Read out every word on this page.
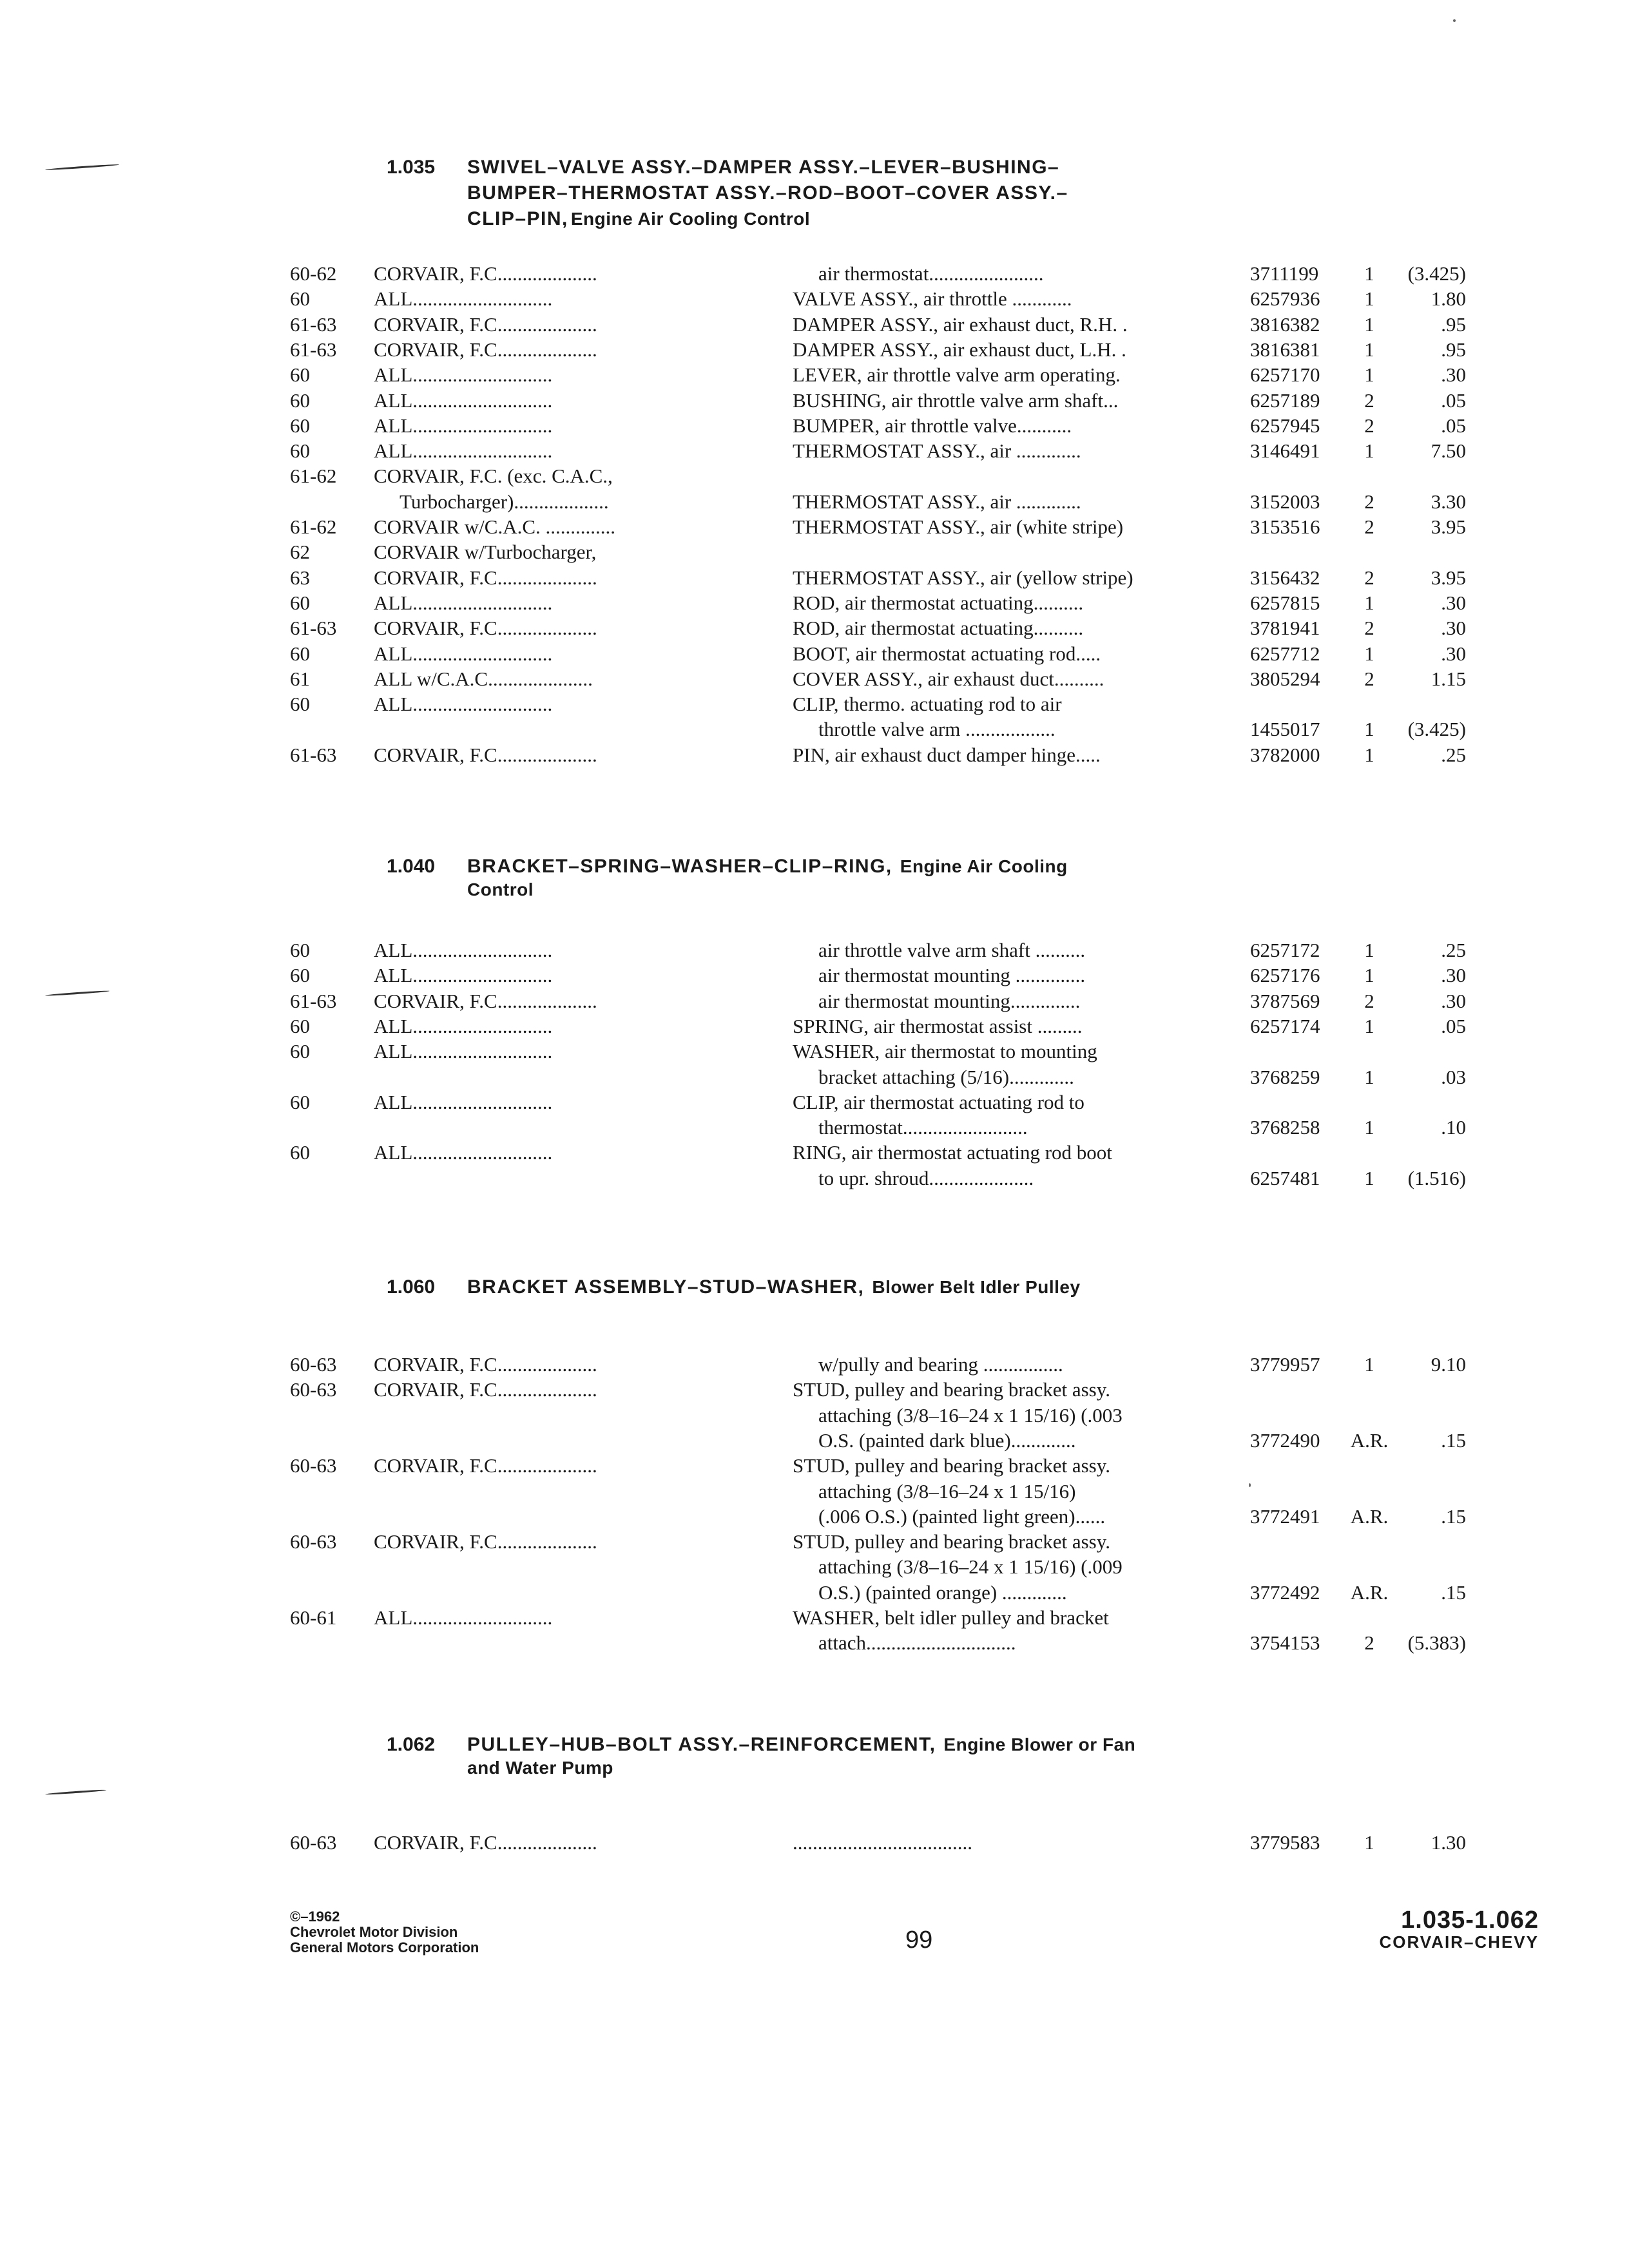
1.035	SWIVEL–VALVE ASSY.–DAMPER ASSY.–LEVER–BUSHING–
BUMPER–THERMOSTAT ASSY.–ROD–BOOT–COVER ASSY.–
CLIP–PIN, Engine Air Cooling Control
60-62	CORVAIR, F.C....................	air thermostat.......................	3711199	1	(3.425)
60	ALL............................	VALVE ASSY., air throttle ............	6257936	1	1.80
61-63	CORVAIR, F.C....................	DAMPER ASSY., air exhaust duct, R.H. .	3816382	1	.95
61-63	CORVAIR, F.C....................	DAMPER ASSY., air exhaust duct, L.H. .	3816381	1	.95
60	ALL............................	LEVER, air throttle valve arm operating.	6257170	1	.30
60	ALL............................	BUSHING, air throttle valve arm shaft...	6257189	2	.05
60	ALL............................	BUMPER, air throttle valve...........	6257945	2	.05
60	ALL............................	THERMOSTAT ASSY., air .............	3146491	1	7.50
61-62	CORVAIR, F.C. (exc. C.A.C.,
Turbocharger)...................	THERMOSTAT ASSY., air .............	3152003	2	3.30
61-62	CORVAIR w/C.A.C. ..............	THERMOSTAT ASSY., air (white stripe)	3153516	2	3.95
62	CORVAIR w/Turbocharger,
63	CORVAIR, F.C....................	THERMOSTAT ASSY., air (yellow stripe)	3156432	2	3.95
60	ALL............................	ROD, air thermostat actuating..........	6257815	1	.30
61-63	CORVAIR, F.C....................	ROD, air thermostat actuating..........	3781941	2	.30
60	ALL............................	BOOT, air thermostat actuating rod.....	6257712	1	.30
61	ALL w/C.A.C.....................	COVER ASSY., air exhaust duct..........	3805294	2	1.15
60	ALL............................	CLIP, thermo. actuating rod to air
throttle valve arm ..................	1455017	1	(3.425)
61-63	CORVAIR, F.C....................	PIN, air exhaust duct damper hinge.....	3782000	1	.25
1.040	BRACKET–SPRING–WASHER–CLIP–RING, Engine Air Cooling
Control
60	ALL............................	air throttle valve arm shaft ..........	6257172	1	.25
60	ALL............................	air thermostat mounting ..............	6257176	1	.30
61-63	CORVAIR, F.C....................	air thermostat mounting..............	3787569	2	.30
60	ALL............................	SPRING, air thermostat assist .........	6257174	1	.05
60	ALL............................	WASHER, air thermostat to mounting
bracket attaching (5/16).............	3768259	1	.03
60	ALL............................	CLIP, air thermostat actuating rod to
thermostat.........................	3768258	1	.10
60	ALL............................	RING, air thermostat actuating rod boot
to upr. shroud.....................	6257481	1	(1.516)
1.060	BRACKET ASSEMBLY–STUD–WASHER, Blower Belt Idler Pulley
60-63	CORVAIR, F.C....................	w/pully and bearing ................	3779957	1	9.10
60-63	CORVAIR, F.C....................	STUD, pulley and bearing bracket assy.
attaching (3/8–16–24 x 1 15/16) (.003
O.S. (painted dark blue).............	3772490	A.R.	.15
60-63	CORVAIR, F.C....................	STUD, pulley and bearing bracket assy.
attaching (3/8–16–24 x 1 15/16)
(.006 O.S.) (painted light green)......	3772491	A.R.	.15
60-63	CORVAIR, F.C....................	STUD, pulley and bearing bracket assy.
attaching (3/8–16–24 x 1 15/16) (.009
O.S.) (painted orange) .............	3772492	A.R.	.15
60-61	ALL............................	WASHER, belt idler pulley and bracket
attach..............................	3754153	2	(5.383)
1.062	PULLEY–HUB–BOLT ASSY.–REINFORCEMENT, Engine Blower or Fan
and Water Pump
60-63	CORVAIR, F.C....................	....................................	3779583	1	1.30
©–1962
Chevrolet Motor Division
General Motors Corporation	99
1.035-1.062
CORVAIR–CHEVY
